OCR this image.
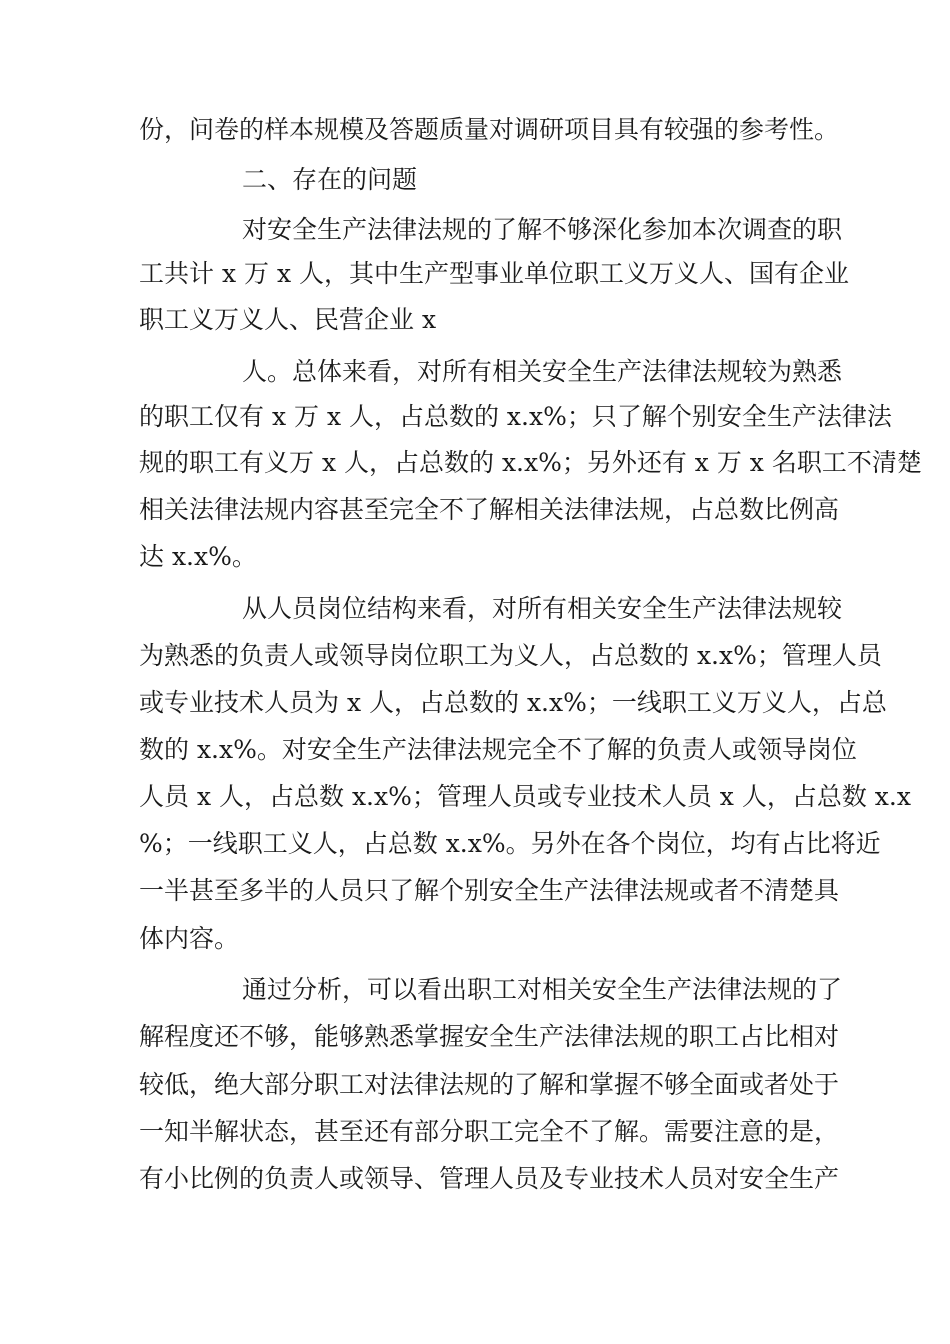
份，问卷的样本规模及答题质量对调研项目具有较强的参考性。

二、存在的问题

对安全生产法律法规的了解不够深化参加本次调查的职

工共计 x 万 x 人，其中生产型事业单位职工义万义人、国有企业

职工义万义人、民营企业 x

人。总体来看，对所有相关安全生产法律法规较为熟悉

的职工仅有 x 万 x 人，占总数的 x.x%；只了解个别安全生产法律法

规的职工有义万 x 人，占总数的 x.x%；另外还有 x 万 x 名职工不清楚

相关法律法规内容甚至完全不了解相关法律法规，占总数比例高

达 x.x%。

从人员岗位结构来看，对所有相关安全生产法律法规较

为熟悉的负责人或领导岗位职工为义人，占总数的 x.x%；管理人员

或专业技术人员为 x 人，占总数的 x.x%；一线职工义万义人，占总

数的 x.x%。对安全生产法律法规完全不了解的负责人或领导岗位

人员 x 人，占总数 x.x%；管理人员或专业技术人员 x 人，占总数 x.x

%；一线职工义人，占总数 x.x%。另外在各个岗位，均有占比将近

一半甚至多半的人员只了解个别安全生产法律法规或者不清楚具

体内容。

通过分析，可以看出职工对相关安全生产法律法规的了

解程度还不够，能够熟悉掌握安全生产法律法规的职工占比相对

较低，绝大部分职工对法律法规的了解和掌握不够全面或者处于

一知半解状态，甚至还有部分职工完全不了解。需要注意的是，

有小比例的负责人或领导、管理人员及专业技术人员对安全生产
